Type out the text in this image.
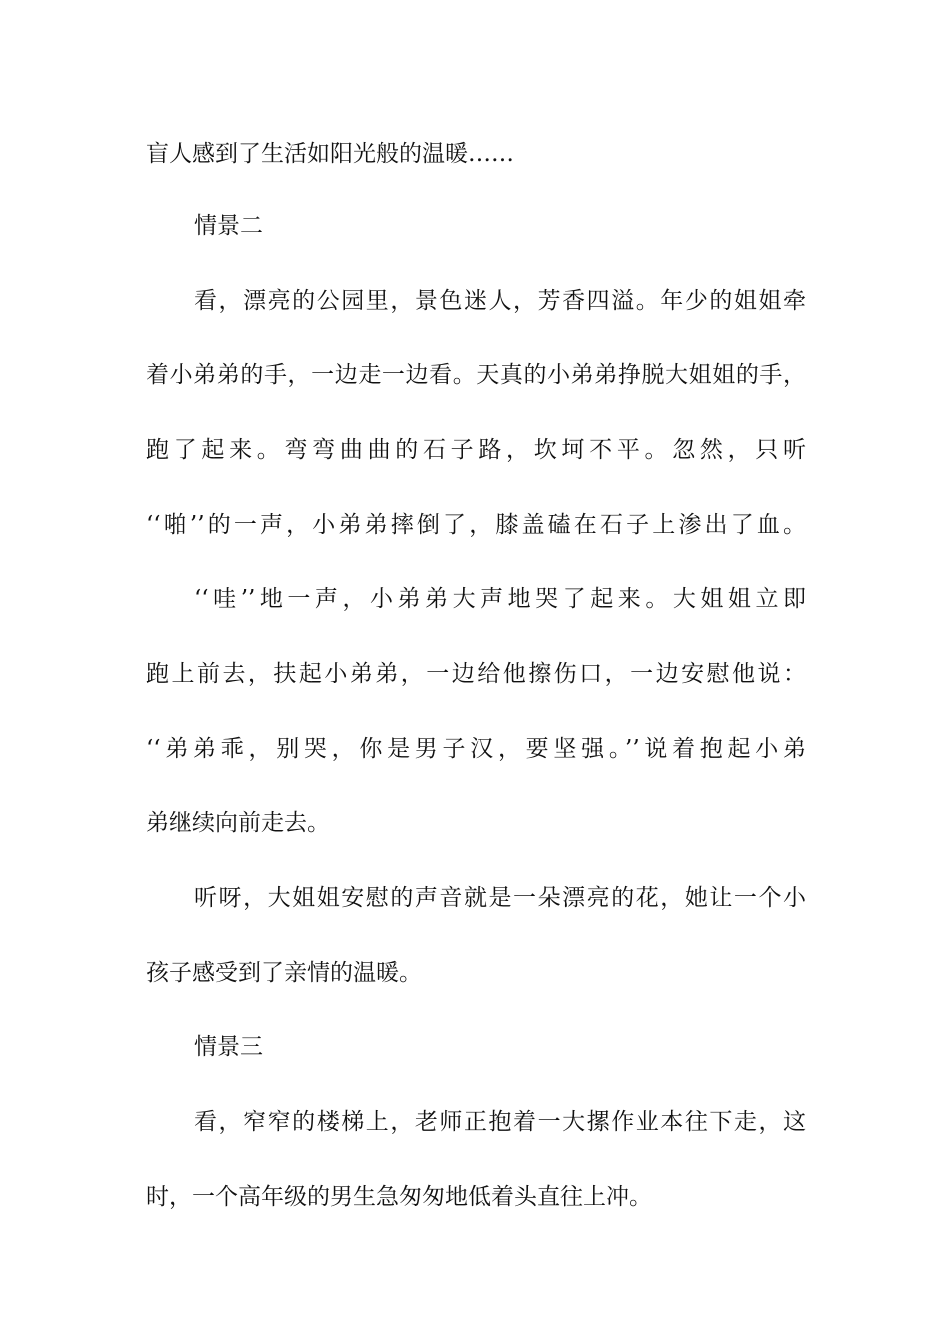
盲人感到了生活如阳光般的温暖……
情景二
看，漂亮的公园里，景色迷人，芳香四溢。年少的姐姐牵
着小弟弟的手，一边走一边看。天真的小弟弟挣脱大姐姐的手，
跑了起来。弯弯曲曲的石子路，坎坷不平。忽然，只听
‘‘啪’’的一声，小弟弟摔倒了，膝盖磕在石子上渗出了血。
‘‘哇’’地一声，小弟弟大声地哭了起来。大姐姐立即
跑上前去，扶起小弟弟，一边给他擦伤口，一边安慰他说：
‘‘弟弟乖，别哭，你是男子汉，要坚强。’’说着抱起小弟
弟继续向前走去。
听呀，大姐姐安慰的声音就是一朵漂亮的花，她让一个小
孩子感受到了亲情的温暖。
情景三
看，窄窄的楼梯上，老师正抱着一大摞作业本往下走，这
时，一个高年级的男生急匆匆地低着头直往上冲。
